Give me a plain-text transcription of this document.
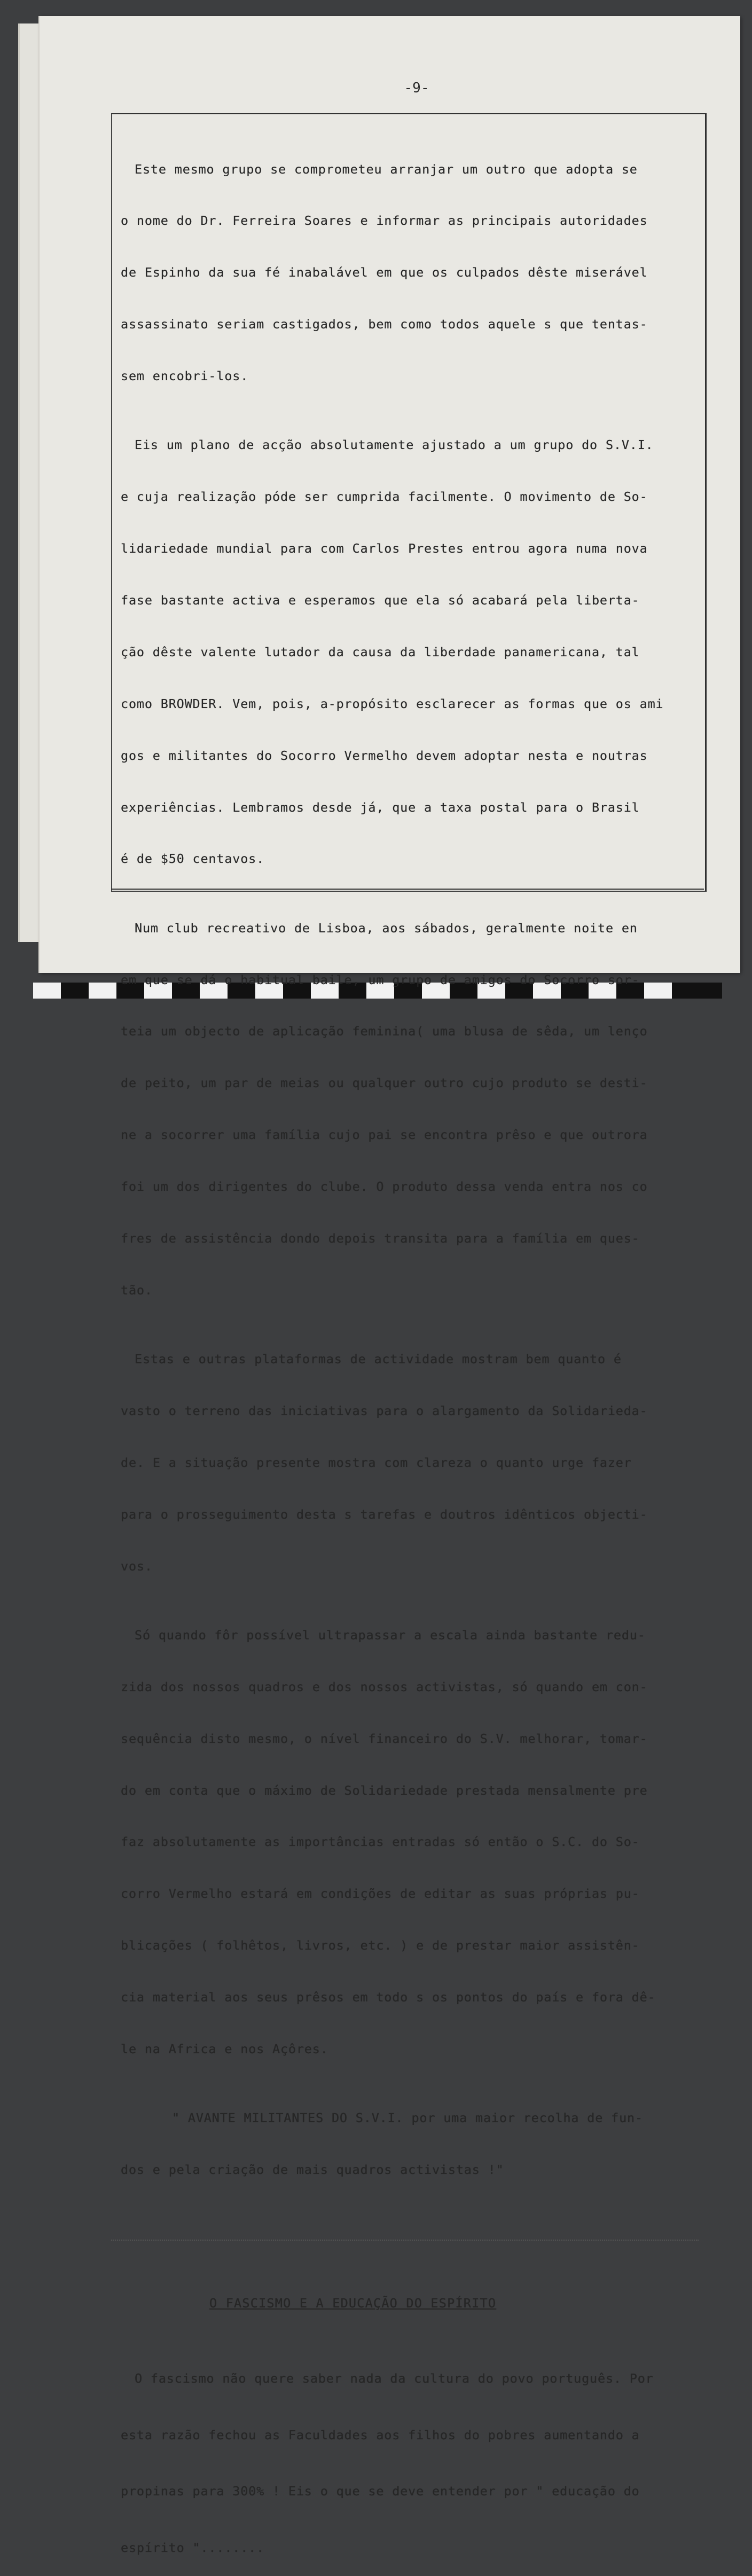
-9-

Este mesmo grupo se comprometeu arranjar um outro que adopta se

o nome do Dr. Ferreira Soares e informar as principais autoridades

de Espinho da sua fé inabalável em que os culpados dêste miserável

assassinato seriam castigados, bem como todos aquele s que tentas-

sem encobri-los.

Eis um plano de acção absolutamente ajustado a um grupo do S.V.I.

e cuja realização póde ser cumprida facilmente. O movimento de So-

lidariedade mundial para com Carlos Prestes entrou agora numa nova

fase bastante activa e esperamos que ela só acabará pela liberta-

ção dêste valente lutador da causa da liberdade panamericana, tal

como BROWDER. Vem, pois, a-propósito esclarecer as formas que os ami

gos e militantes do Socorro Vermelho devem adoptar nesta e noutras

experiências. Lembramos desde já, que a taxa postal para o Brasil

é de $50 centavos.

Num club recreativo de Lisboa, aos sábados, geralmente noite en

em que se dá o habitual baile, um grupo de amigos do Socorro sor-

teia um objecto de aplicação feminina( uma blusa de sêda, um lenço

de peito, um par de meias ou qualquer outro cujo produto se desti-

ne a socorrer uma família cujo pai se encontra prêso e que outrora

foi um dos dirigentes do clube. O produto dessa venda entra nos co

fres de assistência dondo depois transita para a família em ques-

tão.

Estas e outras plataformas de actividade mostram bem quanto é

vasto o terreno das iniciativas para o alargamento da Solidarieda-

de. E a situação presente mostra com clareza o quanto urge fazer

para o prosseguimento desta s tarefas e doutros idênticos objecti-

vos.

Só quando fôr possível ultrapassar a escala ainda bastante redu-

zida dos nossos quadros e dos nossos activistas, só quando em con-

sequência disto mesmo, o nível financeiro do S.V. melhorar, tomar-

do em conta que o máximo de Solidariedade prestada mensalmente pre

faz absolutamente as importâncias entradas só então o S.C. do So-

corro Vermelho estará em condições de editar as suas próprias pu-

blicações ( folhêtos, livros, etc. ) e de prestar maior assistên-

cia material aos seus prêsos em todo s os pontos do país e fora dê-

le na Africa e nos Açôres.

" AVANTE MILITANTES DO S.V.I. por uma maior recolha de fun-

dos e pela criação de mais quadros activistas !"

O FASCISMO E A EDUCAÇÃO DO ESPÍRITO

O fascismo não quere saber nada da cultura do povo português. Por

esta razão fechou as Faculdades aos filhos do pobres aumentando a

propinas para 300% ! Eis o que se deve entender por " educação do

espírito "........
